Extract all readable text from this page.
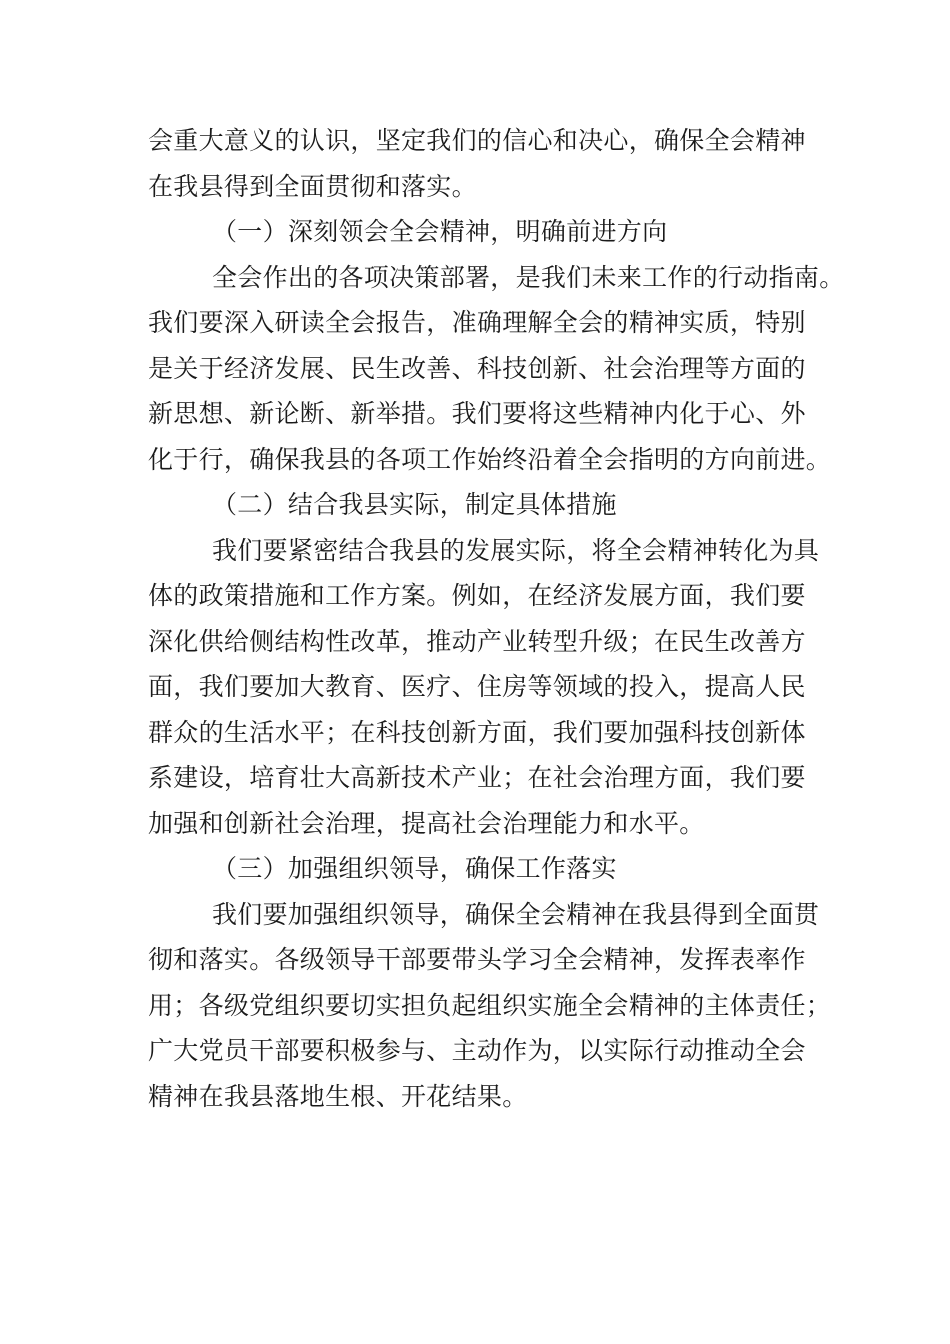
会重大意义的认识，坚定我们的信心和决心，确保全会精神
在我县得到全面贯彻和落实。
（一）深刻领会全会精神，明确前进方向
全会作出的各项决策部署，是我们未来工作的行动指南。
我们要深入研读全会报告，准确理解全会的精神实质，特别
是关于经济发展、民生改善、科技创新、社会治理等方面的
新思想、新论断、新举措。我们要将这些精神内化于心、外
化于行，确保我县的各项工作始终沿着全会指明的方向前进。
（二）结合我县实际，制定具体措施
我们要紧密结合我县的发展实际，将全会精神转化为具
体的政策措施和工作方案。例如，在经济发展方面，我们要
深化供给侧结构性改革，推动产业转型升级；在民生改善方
面，我们要加大教育、医疗、住房等领域的投入，提高人民
群众的生活水平；在科技创新方面，我们要加强科技创新体
系建设，培育壮大高新技术产业；在社会治理方面，我们要
加强和创新社会治理，提高社会治理能力和水平。
（三）加强组织领导，确保工作落实
我们要加强组织领导，确保全会精神在我县得到全面贯
彻和落实。各级领导干部要带头学习全会精神，发挥表率作
用；各级党组织要切实担负起组织实施全会精神的主体责任；
广大党员干部要积极参与、主动作为，以实际行动推动全会
精神在我县落地生根、开花结果。
